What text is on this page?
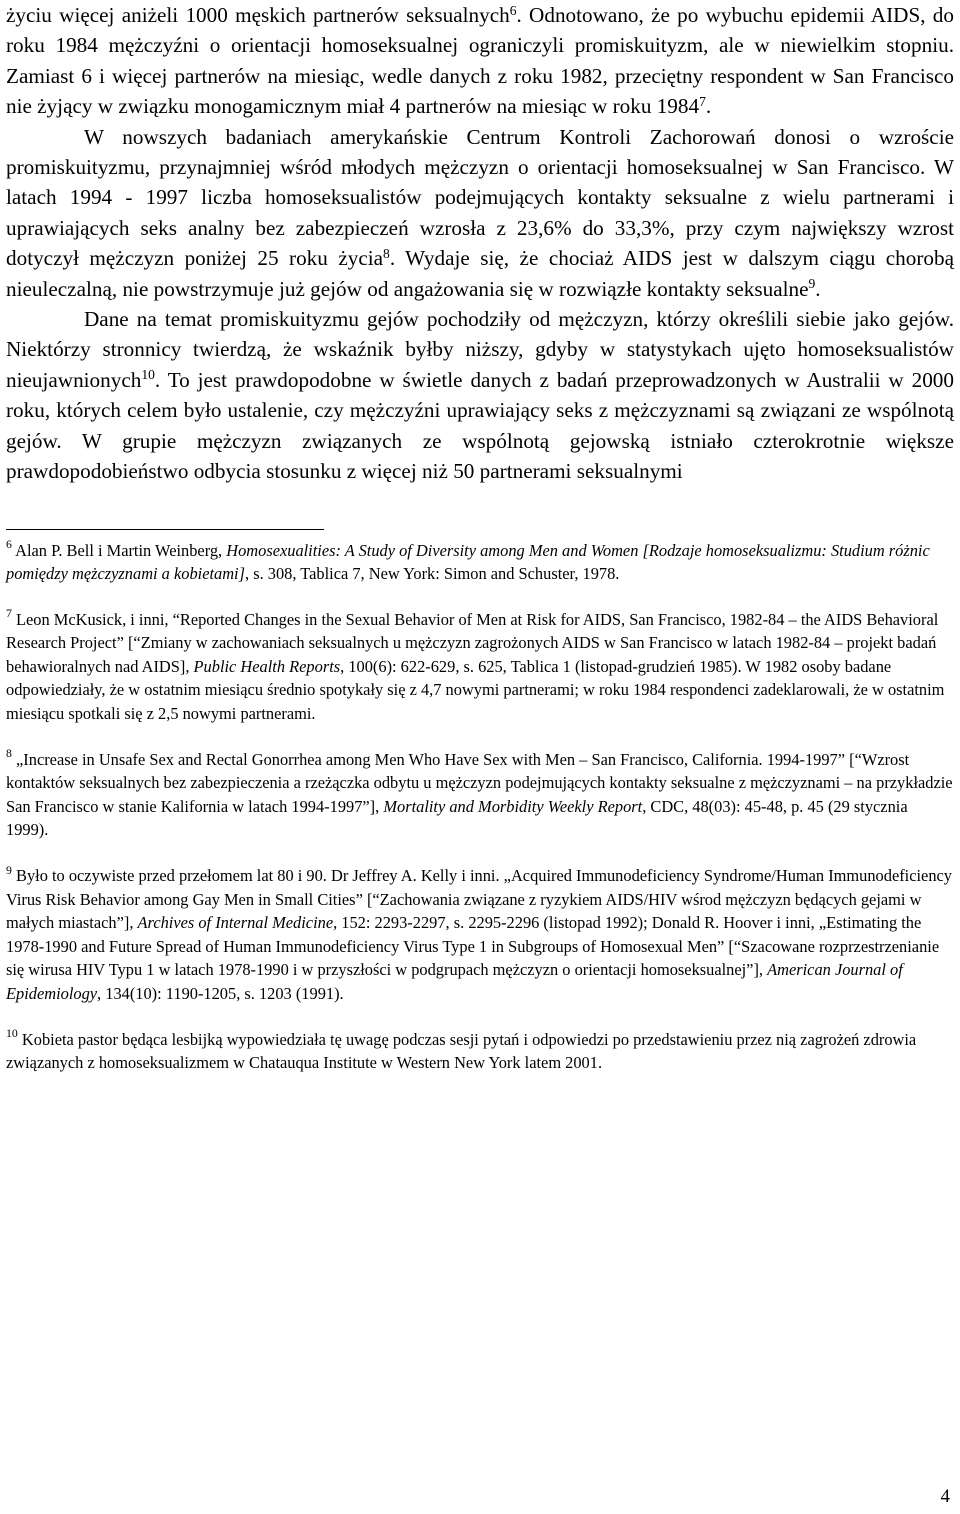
życiu więcej aniżeli 1000 męskich partnerów seksualnych$^6$. Odnotowano, że po wybuchu epidemii AIDS, do roku 1984 mężczyźni o orientacji homoseksualnej ograniczyli promiskuityzm, ale w niewielkim stopniu. Zamiast 6 i więcej partnerów na miesiąc, wedle danych z roku 1982, przeciętny respondent w San Francisco nie żyjący w związku monogamicznym miał 4 partnerów na miesiąc w roku 1984$^7$.

W nowszych badaniach amerykańskie Centrum Kontroli Zachorowań donosi o wzroście promiskuityzmu, przynajmniej wśród młodych mężczyzn o orientacji homoseksualnej w San Francisco. W latach 1994 - 1997 liczba homoseksualistów podejmujących kontakty seksualne z wielu partnerami i uprawiających seks analny bez zabezpieczeń wzrosła z 23,6% do 33,3%, przy czym największy wzrost dotyczył mężczyzn poniżej 25 roku życia$^8$. Wydaje się, że chociaż AIDS jest w dalszym ciągu chorobą nieuleczalną, nie powstrzymuje już gejów od angażowania się w rozwiązłe kontakty seksualne$^9$.

Dane na temat promiskuityzmu gejów pochodziły od mężczyzn, którzy określili siebie jako gejów. Niektórzy stronnicy twierdzą, że wskaźnik byłby niższy, gdyby w statystykach ujęto homoseksualistów nieujawnionych$^{10}$. To jest prawdopodobne w świetle danych z badań przeprowadzonych w Australii w 2000 roku, których celem było ustalenie, czy mężczyźni uprawiający seks z mężczyznami są związani ze wspólnotą gejów. W grupie mężczyzn związanych ze wspólnotą gejowską istniało czterokrotnie większe prawdopodobieństwo odbycia stosunku z więcej niż 50 partnerami seksualnymi

$^6$ Alan P. Bell i Martin Weinberg, Homosexualities: A Study of Diversity among Men and Women [Rodzaje homoseksualizmu: Studium różnic pomiędzy mężczyznami a kobietami], s. 308, Tablica 7, New York: Simon and Schuster, 1978.

$^7$ Leon McKusick, i inni, “Reported Changes in the Sexual Behavior of Men at Risk for AIDS, San Francisco, 1982-84 – the AIDS Behavioral Research Project” [“Zmiany w zachowaniach seksualnych u mężczyzn zagrożonych AIDS w San Francisco w latach 1982-84 – projekt badań behawioralnych nad AIDS], Public Health Reports, 100(6): 622-629, s. 625, Tablica 1 (listopad-grudzień 1985). W 1982 osoby badane odpowiedziały, że w ostatnim miesiącu średnio spotykały się z 4,7 nowymi partnerami; w roku 1984 respondenci zadeklarowali, że w ostatnim miesiącu spotkali się z 2,5 nowymi partnerami.

$^8$ „Increase in Unsafe Sex and Rectal Gonorrhea among Men Who Have Sex with Men – San Francisco, California. 1994-1997” [“Wzrost kontaktów seksualnych bez zabezpieczenia a rzeżączka odbytu u mężczyzn podejmujących kontakty seksualne z mężczyznami – na przykładzie San Francisco w stanie Kalifornia w latach 1994-1997”], Mortality and Morbidity Weekly Report, CDC, 48(03): 45-48, p. 45 (29 stycznia 1999).

$^9$ Było to oczywiste przed przełomem lat 80 i 90. Dr Jeffrey A. Kelly i inni. „Acquired Immunodeficiency Syndrome/Human Immunodeficiency Virus Risk Behavior among Gay Men in Small Cities” [“Zachowania związane z ryzykiem AIDS/HIV wśrod mężczyzn będących gejami w małych miastach”], Archives of Internal Medicine, 152: 2293-2297, s. 2295-2296 (listopad 1992); Donald R. Hoover i inni, „Estimating the 1978-1990 and Future Spread of Human Immunodeficiency Virus Type 1 in Subgroups of Homosexual Men” [“Szacowane rozprzestrzenianie się wirusa HIV Typu 1 w latach 1978-1990 i w przyszłości w podgrupach mężczyzn o orientacji homoseksualnej”], American Journal of Epidemiology, 134(10): 1190-1205, s. 1203 (1991).

$^{10}$ Kobieta pastor będąca lesbijką wypowiedziała tę uwagę podczas sesji pytań i odpowiedzi po przedstawieniu przez nią zagrożeń zdrowia związanych z homoseksualizmem w Chatauqua Institute w Western New York latem 2001.

4
